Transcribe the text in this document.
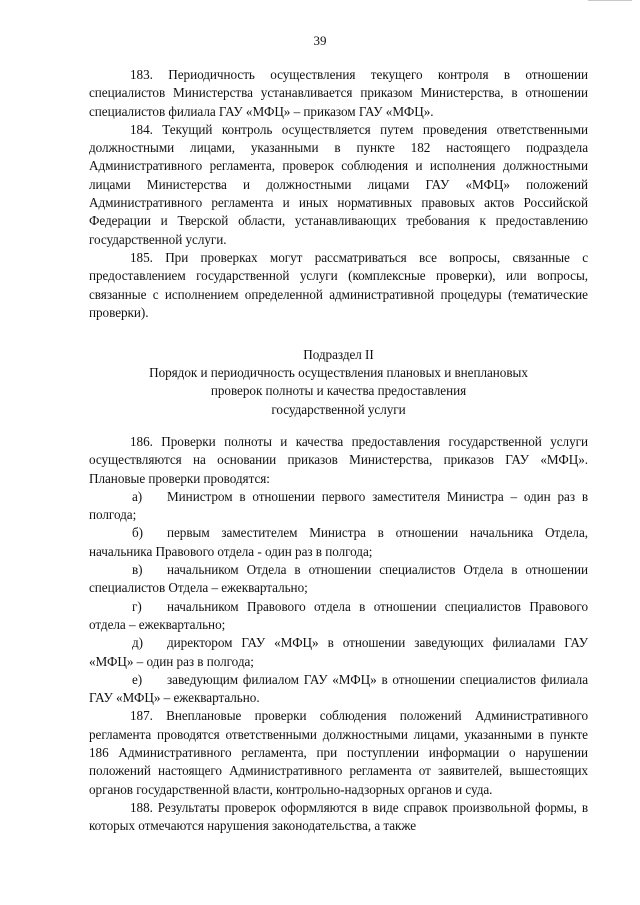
39

183. Периодичность осуществления текущего контроля в отношении специалистов Министерства устанавливается приказом Министерства, в отношении специалистов филиала ГАУ «МФЦ» – приказом ГАУ «МФЦ».

184. Текущий контроль осуществляется путем проведения ответственными должностными лицами, указанными в пункте 182 настоящего подраздела Административного регламента, проверок соблюдения и исполнения должностными лицами Министерства и должностными лицами ГАУ «МФЦ» положений Административного регламента и иных нормативных правовых актов Российской Федерации и Тверской области, устанавливающих требования к предоставлению государственной услуги.

185. При проверках могут рассматриваться все вопросы, связанные с предоставлением государственной услуги (комплексные проверки), или вопросы, связанные с исполнением определенной административной процедуры (тематические проверки).

Подраздел II

Порядок и периодичность осуществления плановых и внеплановых

проверок полноты и качества предоставления

государственной услуги

186. Проверки полноты и качества предоставления государственной услуги осуществляются на основании приказов Министерства, приказов ГАУ «МФЦ». Плановые проверки проводятся:

а) Министром в отношении первого заместителя Министра – один раз в полгода;

б) первым заместителем Министра в отношении начальника Отдела, начальника Правового отдела - один раз в полгода;

в) начальником Отдела в отношении специалистов Отдела в отношении специалистов Отдела – ежеквартально;

г) начальником Правового отдела в отношении специалистов Правового отдела – ежеквартально;

д) директором ГАУ «МФЦ» в отношении заведующих филиалами ГАУ «МФЦ» – один раз в полгода;

е) заведующим филиалом ГАУ «МФЦ» в отношении специалистов филиала ГАУ «МФЦ» – ежеквартально.

187. Внеплановые проверки соблюдения положений Административного регламента проводятся ответственными должностными лицами, указанными в пункте 186 Административного регламента, при поступлении информации о нарушении положений настоящего Административного регламента от заявителей, вышестоящих органов государственной власти, контрольно-надзорных органов и суда.

188. Результаты проверок оформляются в виде справок произвольной формы, в которых отмечаются нарушения законодательства, а также
